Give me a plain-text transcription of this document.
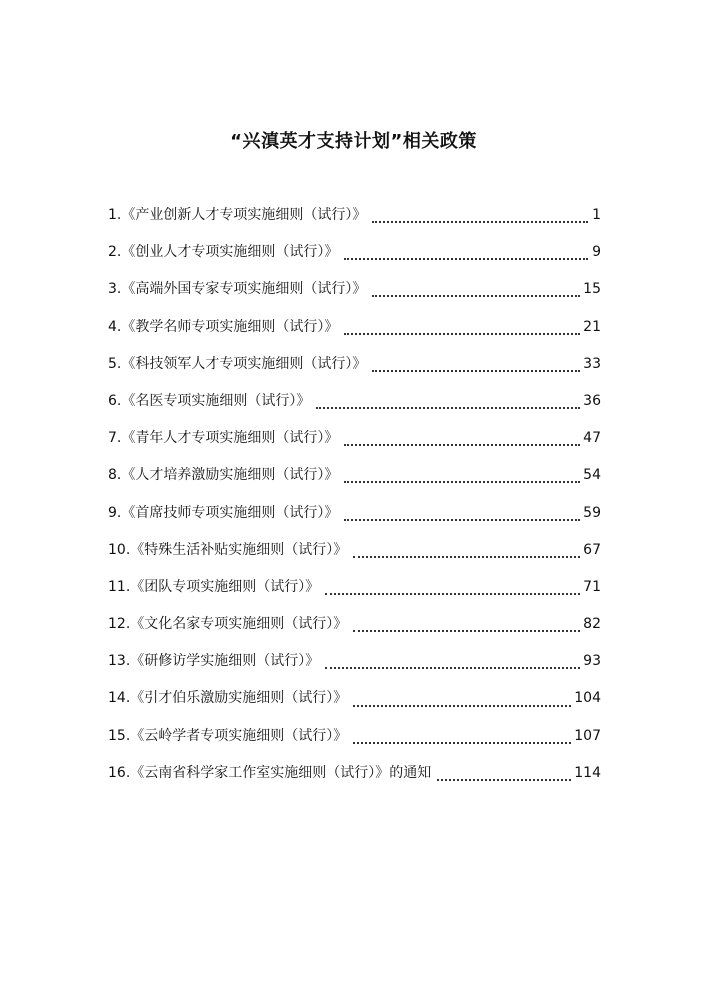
“兴滇英才支持计划”相关政策
1. 《产业创新人才专项实施细则（试行）》	1
2. 《创业人才专项实施细则（试行）》	9
3. 《高端外国专家专项实施细则（试行）》	15
4. 《教学名师专项实施细则（试行）》	21
5. 《科技领军人才专项实施细则（试行）》	33
6. 《名医专项实施细则（试行）》	36
7. 《青年人才专项实施细则（试行）》	47
8. 《人才培养激励实施细则（试行）》	54
9. 《首席技师专项实施细则（试行）》	59
10. 《特殊生活补贴实施细则（试行）》	67
11. 《团队专项实施细则（试行）》	71
12. 《文化名家专项实施细则（试行）》	82
13. 《研修访学实施细则（试行）》	93
14. 《引才伯乐激励实施细则（试行）》	104
15. 《云岭学者专项实施细则（试行）》	107
16. 《云南省科学家工作室实施细则（试行）》的通知	114
